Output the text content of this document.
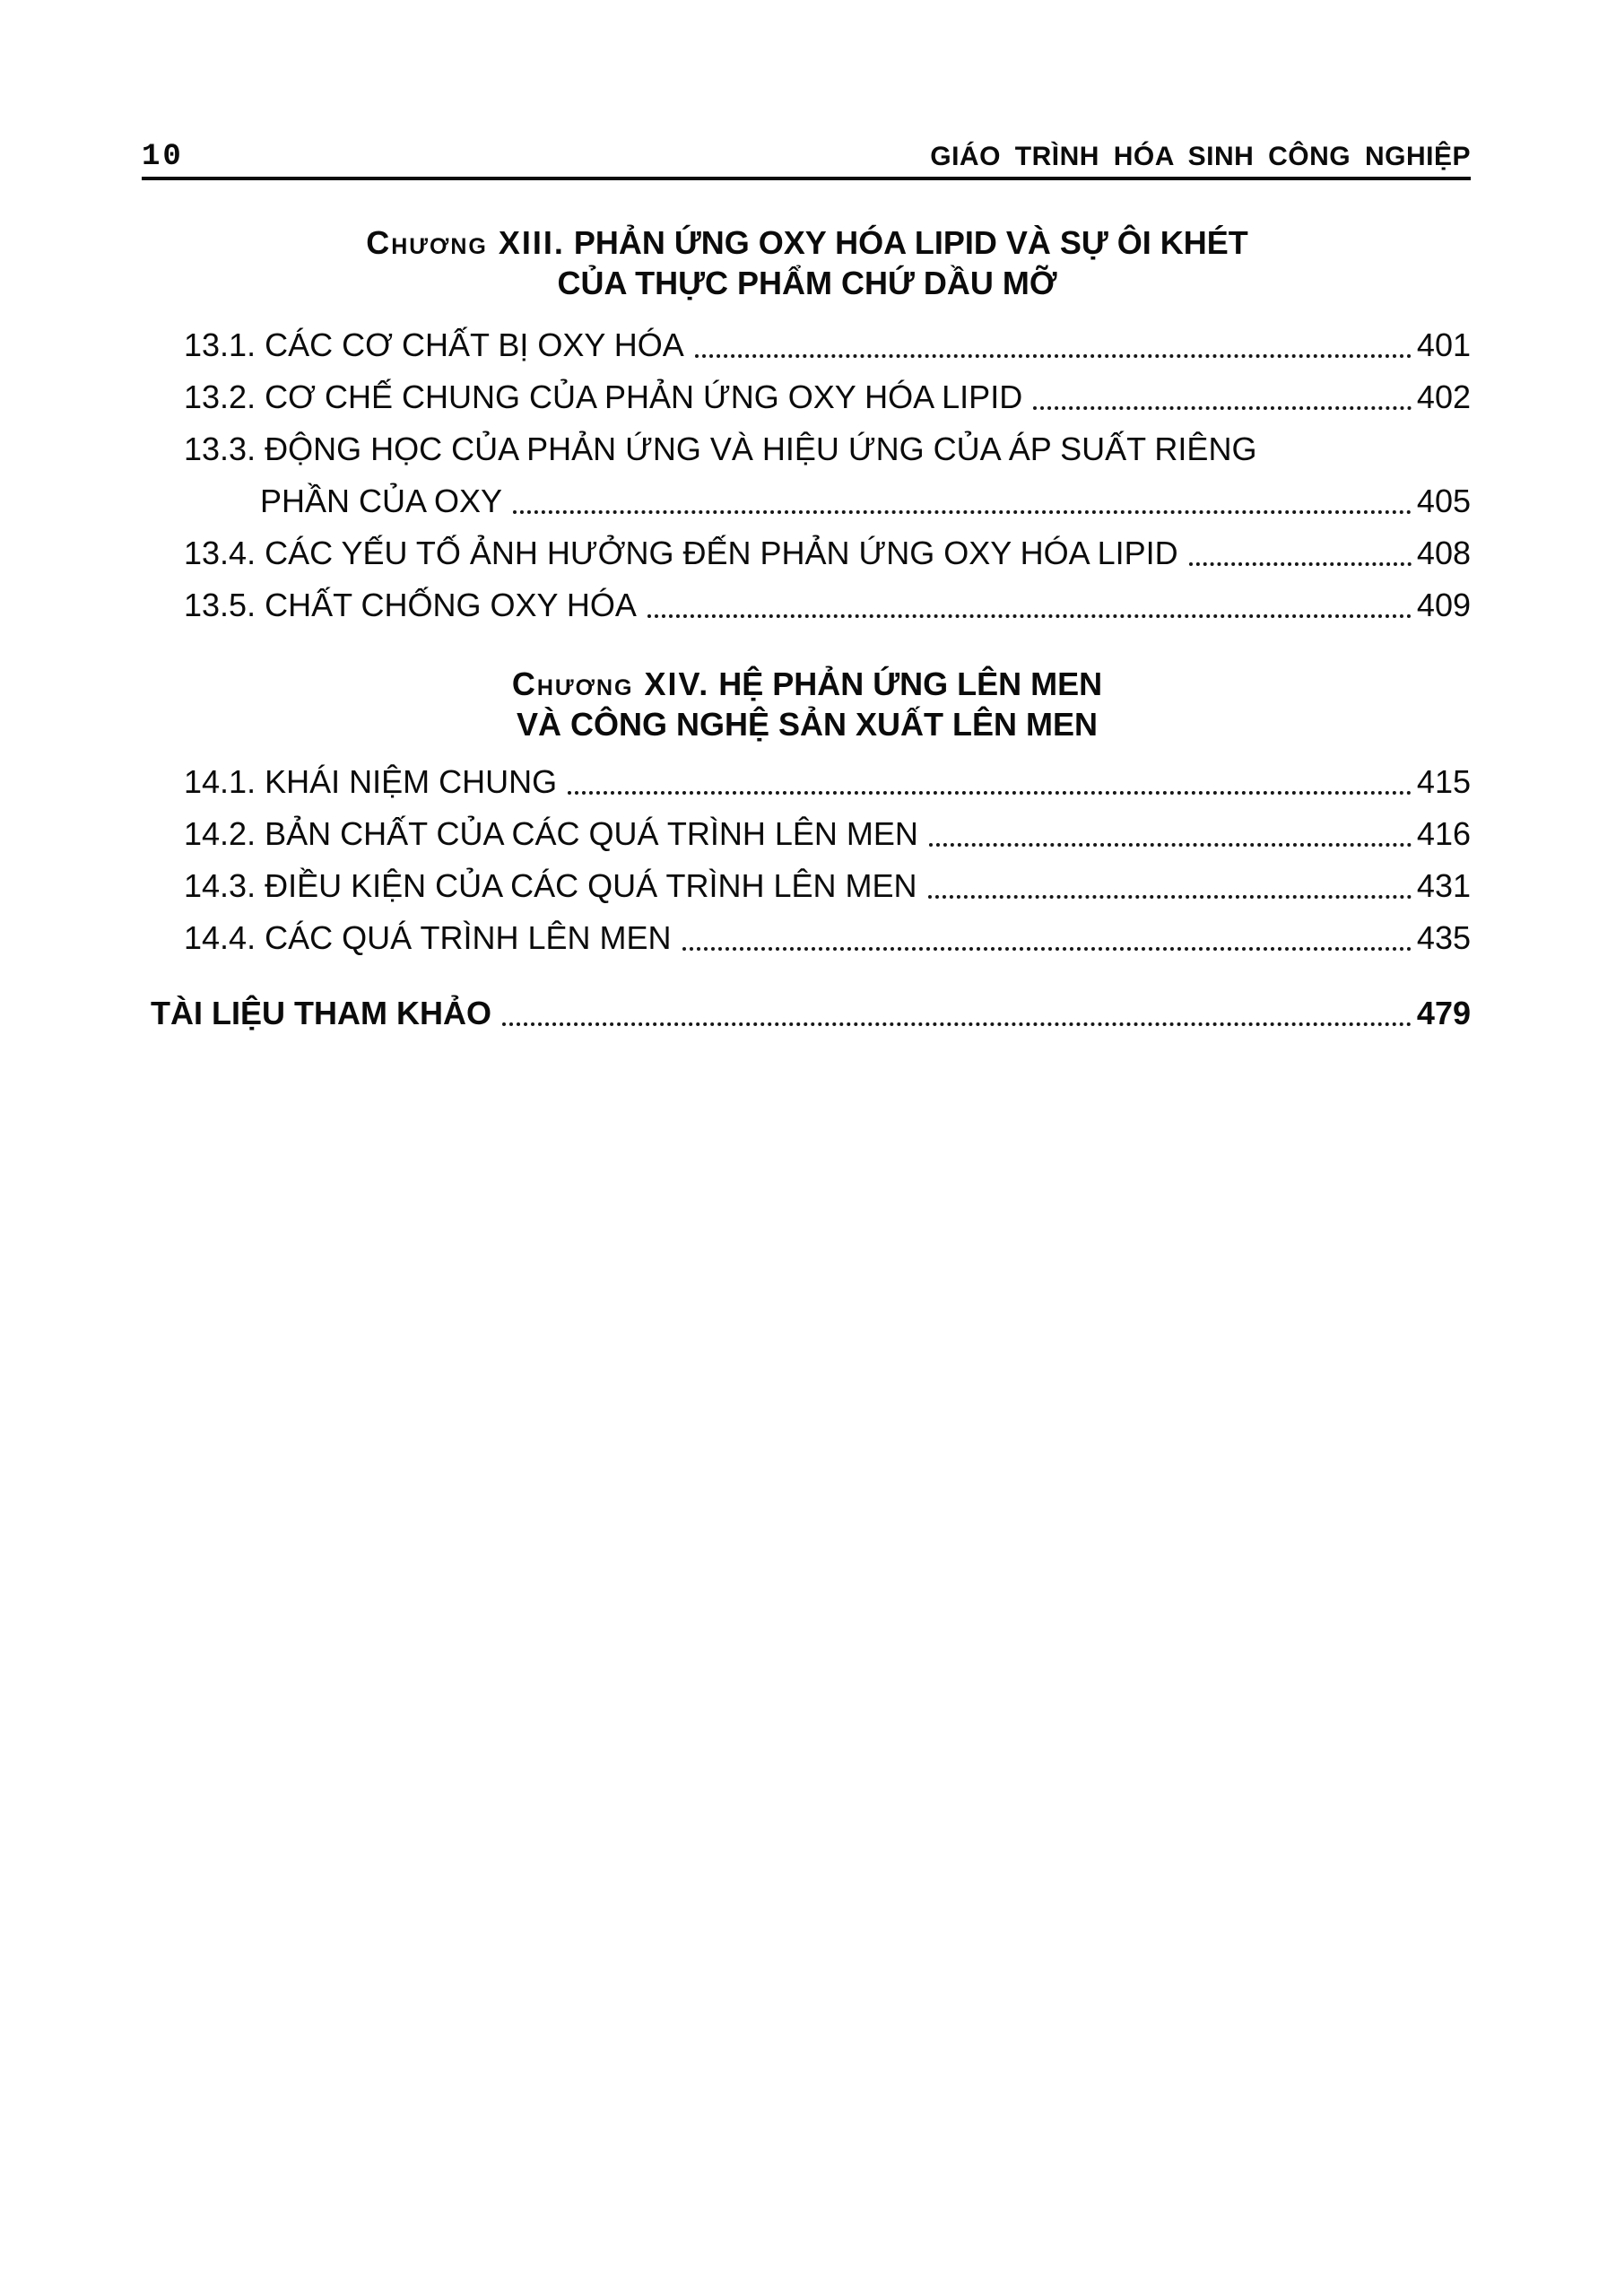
10	GIÁO TRÌNH HÓA SINH CÔNG NGHIỆP
Chương XIII. PHẢN ỨNG OXY HÓA LIPID VÀ SỰ ÔI KHÉT
CỦA THỰC PHẨM CHỨ DẦU MỠ
13.1. CÁC CƠ CHẤT BỊ OXY HÓA	401
13.2. CƠ CHẾ CHUNG CỦA PHẢN ỨNG OXY HÓA LIPID	402
13.3. ĐỘNG HỌC CỦA PHẢN ỨNG VÀ HIỆU ỨNG CỦA ÁP SUẤT RIÊNG
PHẦN CỦA OXY	405
13.4. CÁC YẾU TỐ ẢNH HƯỞNG ĐẾN PHẢN ỨNG OXY HÓA LIPID	408
13.5. CHẤT CHỐNG OXY HÓA	409
Chương XIV. HỆ PHẢN ỨNG LÊN MEN
VÀ CÔNG NGHỆ SẢN XUẤT LÊN MEN
14.1. KHÁI NIỆM CHUNG	415
14.2. BẢN CHẤT CỦA CÁC QUÁ TRÌNH LÊN MEN	416
14.3. ĐIỀU KIỆN CỦA CÁC QUÁ TRÌNH LÊN MEN	431
14.4. CÁC QUÁ TRÌNH LÊN MEN	435
TÀI LIỆU THAM KHẢO	479
